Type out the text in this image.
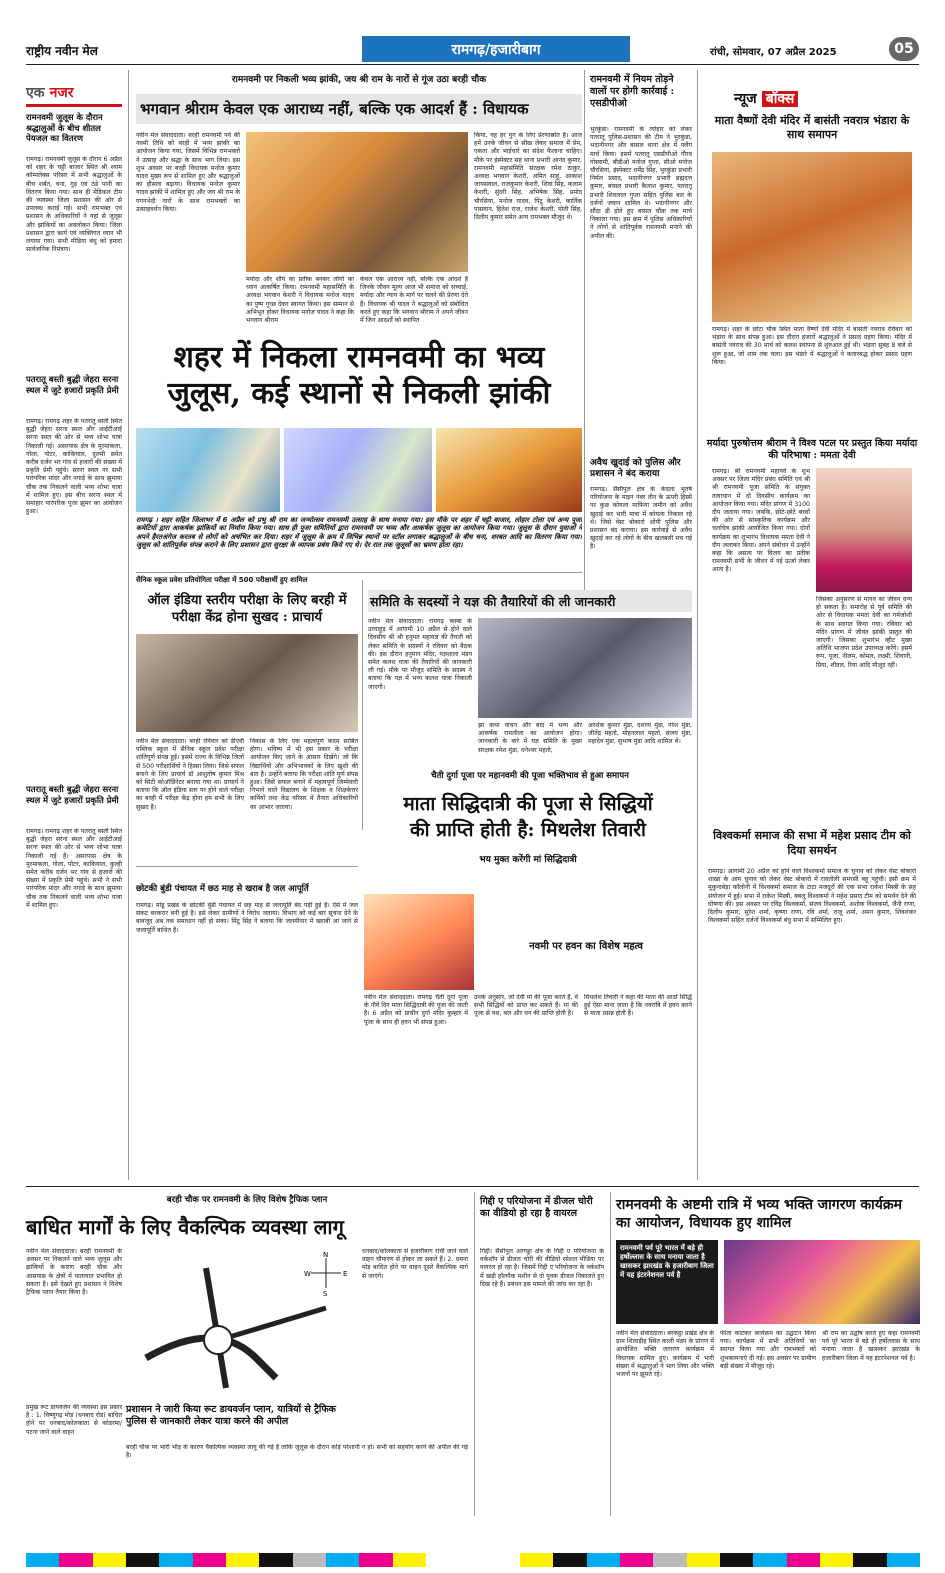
राष्ट्रीय नवीन मेल	रामगढ़/हजारीबाग	रांची, सोमवार, 07 अप्रैल 2025	05
एक नजर
रामनवमी जुलूस के दौरान श्रद्धालुओं के बीच शीतल पेयजल का वितरण
रामगढ़। रामनवमी जुलूस के दौरान 6 अप्रैल को शहर के चट्टी बाजार स्थित श्री श्याम कॉम्पलेक्स परिसर में सभी श्रद्धालुओं के बीच शर्बत, चना, गुड़ एवं ठंडे पानी का वितरण किया गया। साथ ही मेडिकल टीम की व्यवस्था जिला प्रशासन की ओर से उपलब्ध कराई गई। सभी रामभक्त एवं प्रशासन के अधिकारियों ने यहां से जुलूस और झांकियों का अवलोकन किया। जिला प्रशासन द्वारा कार्य एवं व्यक्तिगत ध्यान भी लगाया गया। सभी मीडिया बंधु को हमारा सार्वजनिक निमंत्रण।
पतरातू बस्ती बुद्धी जेहरा सरना स्थल में जुटे हजारों प्रकृति प्रेमी
रामगढ़। रामगढ़ शहर के पतरातू बस्ती स्थित बुद्धी जेहरा सरना स्थल और आईटीआई सरना स्थल की ओर से भव्य शोभा यात्रा निकाली गई। असरपास क्षेत्र के मुरमाकला, गोला, पोटर, काकियाल, दुलमी समेत करीब दर्जन भर गांव से हजारों की संख्या में प्रकृति प्रेमी पहुंचे। सरना स्थल पर सभी पारंपरिक मांदर और नगाड़े के साथ झुमाया चौक तक निकलने वाली भव्य शोभा यात्रा में शामिल हुए। इस बीच सरना स्थल में समाहार पारंपरिक पूजा झुमर का आयोजन हुआ।
पतरातू बस्ती बुद्धी जेहरा सरना स्थल में जुटे हजारों प्रकृति प्रेमी
रामगढ़। रामगढ़ शहर के पतरातू बस्ती स्थित बुद्धी जेहरा सरना स्थल और आईटीआई सरना स्थल की ओर से भव्य शोभा यात्रा निकाली गई है। असरपास क्षेत्र के मुरमाकला, गोला, पोटर, काकियाल, कुल्ही समेत करीब दर्जन भर गांव से हजारों की संख्या में प्रकृति प्रेमी पहुंचे। सभी ने सभी पारंपरिक मांदर और नगाड़े के साथ झुमाया चौक तक निकलने वाली भव्य शोभा यात्रा में शामिल हुए।
रामनवमी पर निकली भव्य झांकी, जय श्री राम के नारों से गूंज उठा बरही चौक
भगवान श्रीराम केवल एक आराध्य नहीं, बल्कि एक आदर्श हैं : विधायक
नवीन मेल संवाददाता। बरही रामनवमी पर्व की नवमी तिथि को बरही में भव्य झांकी का आयोजन किया गया, जिसमें विभिन्न रामभक्तों ने उत्साह और श्रद्धा के साथ भाग लिया। इस शुभ अवसर पर बरही विधायक मनोज कुमार यादव मुख्य रूप से शामिल हुए और श्रद्धालुओं का हौसला बढ़ाया। विधायक मनोज कुमार यादव झांकी में शामिल हुए और जय श्री राम के गगनभेदी नारों के साथ रामभक्तों का उत्साहवर्धन किया।
मर्यादा और शौर्य का प्रतीक बनकर लोगों का ध्यान आकर्षित किया। रामनवमी महासमिति के अध्यक्ष भगवान केशरी ने विधायक मनोज यादव का पुष्प गुच्छ देकर स्वागत किया। इस सम्मान से अभिभूत होकर विधायक मनोज यादव ने कहा कि भगवान श्रीराम
केवल एक आराध्य नहीं, बल्कि एक आदर्श हैं जिनके जीवन मूल्य आज भी समाज को सच्चाई, मर्यादा और न्याय के मार्ग पर चलने की प्रेरणा देते हैं। विधायक श्री यादव ने श्रद्धालुओं को संबोधित करते हुए कहा कि भगवान श्रीराम ने अपने जीवन में जिन आदर्शों को स्थापित
किया, वह हर युग के लिए प्रेरणास्रोत हैं। आज हमें उनके जीवन से सीख लेकर समाज में प्रेम, एकता और भाईचारे का संदेश फैलाना चाहिए। मौके पर इंस्पेक्टर सह थाना प्रभारी आनंद कुमार, रामनवमी महासमिति संरक्षक रमेश ठाकुर, अध्यक्ष भगवान केशरी, अमित साहू, आकाश जायसवाल, राजकुमार केशरी, शिवा सिंह, कलाम केशरी, सुंदरी सिंह, अभिषेक सिंह, प्रमोद चौरसिया, मनोज यादव, पिंटू केशरी, कार्तिक पासवान, हितेश राज, राजेश केशरी, मोती सिंह, दिलीप कुमार समेत अन्य रामभक्त मौजूद थे।
शहर में निकला रामनवमी का भव्य
जुलूस, कई स्थानों से निकली झांकी
रामगढ़ । शहर सहित जिलाभर में 6 अप्रैल को प्रभु श्री राम का जन्मोत्सव रामनवमी उत्साह के साथ मनाया गया। इस मौके पर शहर में चट्टी बाजार, लोहार टोला एवं अन्य पूजा कमेटियों द्वारा आकर्षक झांकियों का निर्माण किया गया। साथ ही पूजा समितियों द्वारा रामनवमी पर भव्य और आकर्षक जुलूस का आयोजन किया गया। जुलूस के दौरान युवाओं ने अपने हैरतअंगेज करतब से लोगों को अचंभित कर दिया। शहर में जुलूस के क्रम में विभिन्न स्थानों पर स्टॉल लगाकर श्रद्धालुओं के बीच चना, शरबत आदि का वितरण किया गया। जुलूस को शांतिपूर्वक संपन्न कराने के लिए प्रशासन द्वारा सुरक्षा के व्यापक प्रबंध किये गए थे। देर रात तक जुलूसों का भ्रमण होता रहा।
रामनवमी में नियम तोड़ने वालों पर होगी कार्रवाई : एसडीपीओ
भुरकुंडा। रामनवमी के त्योहार को लेकर पतरातू पुलिस-प्रशासन की टीम ने भुरकुंडा, भदानीनगर और बासल थाना क्षेत्र में फ्लैग मार्च किया। इसमें पतरातू एसडीपीओ गौरव गोस्वामी, बीडीओ मनोज गुप्ता, सीओ मनोज चौरसिया, इंस्पेक्टर धर्मेंद्र सिंह, भुरकुंडा प्रभारी निर्मल प्रसाद, भदानीनगर प्रभारी ब्रह्मदत्त कुमार, बासल प्रभारी कैलाश कुमार, पतरातू प्रभारी शिवलाल गुप्ता सहित पुलिस बल के दर्जनों जवान शामिल थे। भदानीनगर और सौंदा डी होते हुए बासल चौक तक मार्च निकाला गया। इस क्रम में पुलिस अधिकारियों ने लोगों से शांतिपूर्वक रामनवमी मनाने की अपील की।
अवैध खुदाई को पुलिस और प्रशासन ने बंद कराया
रामगढ़। सैंसीपुल क्षेत्र के केदला भूतर्ष परियोजना के माइन नंबर तीन के ऊपरी हिस्से पर कुछ कोयला माफिया जमीन को अवैध खुदाई कर भारी मात्रा में कोयला निकाल रहे थे। जिसे वेस्ट बोकारो ओपी पुलिस और प्रशासन बंद कराया। इस कार्रवाई से अवैध खुदाई कर रहे लोगों के बीच खलबली मच गई है।
न्यूज बॉक्स
माता वैष्णों देवी मंदिर में बासंती नवरात्र भंडारा के साथ समापन
रामगढ़। शहर के छोटा चौक स्थित माता वैष्णों देवी मंदिर में बासंती नवरात्र रविवार को भंडारा के साथ संपन्न हुआ। इस दौरान हजारों श्रद्धालुओं ने प्रसाद ग्रहण किया। मंदिर में बासंती नवरात्र की 30 मार्च को कलश स्थापना से शुरुआत हुई थी। भंडारा सुबह 8 बजे से शुरू हुआ, जो शाम तक चला। इस भंडारे में श्रद्धालुओं ने कतारबद्ध होकर प्रसाद ग्रहण किया।
मर्यादा पुरुषोत्तम श्रीराम ने विश्व पटल पर प्रस्तुत किया मर्यादा की परिभाषा : ममता देवी
रामगढ़। श्री रामनवमी महापर्व के शुभ अवसर पर जिला मंदिर प्रबंध समिति एवं श्री श्री रामनवमी पूजा समिति के संयुक्त तत्वाधान में दो दिवसीय कार्यक्रम का आयोजन किया गया। मंदिर प्रांगण में 3100 दीप जलाया गया। जबकि, छोटे-छोटे बच्चों की ओर से सांस्कृतिक कार्यक्रम और चलचित्र झांकी आयोजित किया गया। दोनों कार्यक्रम का शुभारंभ विधायक ममता देवी ने दीप जलाकर किया। अपने संबोधन में उन्होंने कहा कि असत्य पर विजय का प्रतीक रामनवमी सभी के जीवन में नई ऊर्जा लेकर आता है।
जिसका अनुसरण से मानव का जीवन धन्य हो सकता है। समारोह से पूर्व समिति की ओर से विधायक ममता देवी का गर्मजोशी के साथ स्वागत किया गया। रविवार को मंदिर प्रांगण में जीवंत झांकी प्रस्तुत की जाएगी। जिसका शुभारंभ व्हीट मुख्य अतिथि भाजपा प्रदेश उपाध्यक्ष करेंगे। इसमें रूप, पूजा, नीलम, कोमल, लक्ष्मी, शिवानी, प्रिया, शीतल, रिया आदि मौजूद रहीं।
सैनिक स्कूल प्रवेश प्रतियोगिता परीक्षा में 500 परीक्षार्थी हुए शामिल
ऑल इंडिया स्तरीय परीक्षा के लिए बरही में परीक्षा केंद्र होना सुखद : प्राचार्य
नवीन मेल संवाददाता। बरही रविवार को डीएवी पब्लिक स्कूल में सैनिक स्कूल प्रवेश परीक्षा शांतिपूर्ण संपन्न हुई। इसमें राज्य के विभिन्न जिलों से 500 परीक्षार्थियों ने हिस्सा लिया। जिसे सफल बनाने के लिए प्राचार्य डॉ आशुतोष कुमार मिश्र को सिटी कोऑर्डिनेटर बनाया गया था। प्राचार्य ने बताया कि ऑल इंडिया स्तर पर होने वाले परीक्षा का बरही में परीक्षा केंद्र होना हम सभी के लिए सुखद है।
विकास के लिए एक महत्वपूर्ण कदम साबित होगा। भविष्य में भी इस प्रकार के परीक्षा आयोजन किए जाने के आसार दिखेंगे। जो कि विद्यार्थियों और अभिभावकों के लिए खुशी की बात है। उन्होंने बताया कि परीक्षा शांति पूर्ण संपन्न हुआ। जिसे सफल बनाने में महत्वपूर्ण जिम्मेवारी निभाने वाले विद्यालय के शिक्षक व शिक्षकेत्तर कर्मियों तथा केंद्र परिसर में तैनात अधिकारियों का आभार जताया।
समिति के सदस्यों ने यज्ञ की तैयारियों की ली जानकारी
नवीन मेल संवाददाता। रामगढ़ कस्बा के उरवाहुड़ में आगामी 10 अप्रैल से होने वाले दिवसीय श्री श्री हनुमत महायज्ञ की तैयारी को लेकर समिति के सदस्यों ने रविवार को बैठक की। इस दौरान हनुमान मंदिर, यज्ञशाला मंडप समेत कलश यात्रा की तैयारियों की जानकारी ली गई। मौके पर मौजूद समिति के सदस्य ने बताया कि यज्ञ में भव्य कलश यात्रा निकाली जाएगी।
झा कथा वाचन और बाद में भव्य और आकर्षक रामलीला का आयोजन होगा। जानकारी के बारे में यज्ञ समिति के मुख्य संरक्षक रमेश मुंडा, धनेश्वर महतो,
अरशेक कुमार मुंडा, दशरथ मुंडा, नरेश मुंडा, जीतेंद्र महतो, मोहनलाल महतो, संजय मुंडा, महादेव मुंडा, सुभाष मुंडा आदि शामिल थे।
चैती दुर्गा पूजा पर महानवमी की पूजा भक्तिभाव से हुआ समापन
विश्वकर्मा समाज की सभा में महेश प्रसाद टीम को दिया समर्थन
रामगढ़। आगामी 20 अप्रैल को होने वाले विश्वकर्मा समाज के चुनाव को लेकर वेस्ट बोकारो शाखा के आम चुनाव को लेकर वेस्ट बोकारो में रावतोली समरसी बहू पहुंची। इसी क्रम में मुकुन्दबेड़ा कॉलोनी में विश्वकर्मा समाज के टाटा मजदूरों की एक सभा राकेश मिस्त्री के सह संयोजन में हुई। सभा में राकेश मिस्त्री, बबलू विश्वकर्मा ने महेश प्रसाद टीम को समर्थन देने की घोषणा की। इस अवसर पर रविंद्र विश्वकर्मा, संजय विश्वकर्मा, अशोक विश्वकर्मा, जैनी राणा, दिलीप कुमार, सुरेश शर्मा, कृष्णा राणा, रवि शर्मा, राजू शर्मा, अमन कुमार, शिवशंकर विश्वकर्मा सहित दर्जनों विश्वकर्मा बंधु सभा में सम्मिलित हुए।
माता सिद्धिदात्री की पूजा से सिद्धियों
की प्राप्ति होती है: मिथलेश तिवारी
भय मुक्त करेंगी मां सिद्धिदात्री
नवमी पर हवन का विशेष महत्व
नवीन मेल संवाददाता। रामगढ़ चैती दुर्गा पूजा के नौवें दिन माता सिद्धिदात्री की पूजा की जाती है। 6 अप्रैल को प्राचीन दुर्गा मंदिर कुम्हार में पूजा के साथ ही हवन भी संपन्न हुआ।
उनके अनुसार, जो देवी मां की पूजा करते हैं, वे सभी सिद्धियों को प्राप्त कर सकते हैं। मां की पूजा से यश, बल और धन की प्राप्ति होती है।
मिथलेश तिवारी ने कहा की माता की आठों सिद्धि हुई ऐसा माना जाता है कि नवरात्रि में हवन करने से माता प्रसन्न होती हैं।
छोटकी बुंडी पंचायत में छठ माह से खराब है जल आपूर्ति
रामगढ़। मांडू प्रखंड के छोटकी बुंडी पंचायत में छह माह से जलापूर्ति बंद पड़ी हुई है। ऐसे में जल संकट बरकरार बनी हुई है। इसे लेकर ग्रामीणों ने विरोध जताया। विभाग को कई बार सूचना देने के बावजूद अब तक समाधान नहीं हो सका। मिंटू सिंह ने बताया कि जलमीनार में खराबी आ जाने से जलापूर्ति बाधित है।
बरही चौक पर रामनवमी के लिए विशेष ट्रैफिक प्लान
बाधित मार्गों के लिए वैकल्पिक व्यवस्था लागू
नवीन मेल संवाददाता। बरही रामनवमी के अवसर पर निकलने वाले भव्य जुलूस और झांकियों के कारण बरही चौक और आसपास के क्षेत्रों में यातायात प्रभावित हो सकता है। इसे देखते हुए प्रशासन ने विशेष ट्रैफिक प्लान तैयार किया है।
N
W	E
S
धनबाद/कोलकाता से हजारीबाग रांची जाने वाले वाहन चौपारण से होकर जा सकते हैं। 2. धमना मोड़ बाधित होने पर वाहन दूसरे वैकल्पिक मार्ग से जाएंगे।
प्रमुख रूट डायवर्जन की व्यवस्था इस प्रकार है : 1. विष्णुगढ़ मोड़ (धनबाद रोड) बाधित होने पर धनबाद/कोलकाता से कोडरमा/पटना जाने वाले वाहन
प्रशासन ने जारी किया रूट डायवर्जन प्लान, यात्रियों से ट्रैफिक पुलिस से जानकारी लेकर यात्रा करने की अपील
बरही चौक पर भारी भीड़ के कारण वैकल्पिक व्यवस्था लागू की गई है ताकि जुलूस के दौरान कोई परेशानी न हो। सभी को सहयोग करने की अपील की गई है।
गिद्दी ए परियोजना में डीजल चोरी का वीडियो हो रहा है वायरल
गिद्दी। सैंसीपुल अरगड्डा क्षेत्र के गिद्दी ए परियोजना के वर्कशॉप से डीजल चोरी की वीडियो सोशल मीडिया पर वायरल हो रहा है। जिसमें गिद्दी ए परियोजना के वर्कशॉप में खड़ी हॉलपैक मशीन से दो युवक डीजल निकालते हुए दिख रहे हैं। प्रबंधन इस मामले की जांच कर रहा है।
रामनवमी के अष्टमी रात्रि में भव्य भक्ति जागरण कार्यक्रम का आयोजन, विधायक हुए शामिल
रामनवमी पर्व पूरे भारत में बड़े ही हर्षोल्लास के साथ मनाया जाता है खासकर झारखंड के हजारीबाग जिला में यह इंटरनेशनल पर्व है
नवीन मेल संवाददाता। बरकट्ठा प्रखंड क्षेत्र के ग्राम शिलाड़ीह स्थित काली मंडप के प्रांगण में आयोजित भक्ति जागरण कार्यक्रम में विधायक शामिल हुए। कार्यक्रम में भारी संख्या में श्रद्धालुओं ने भाग लिया और भक्ति भजनों पर झूमते रहे।
फीता काटकर कार्यक्रम का उद्घाटन किया गया। कार्यक्रम में सभी अतिथियों का स्वागत किया गया और रामभक्तों को शुभकामनाएं दी गईं। इस अवसर पर ग्रामीण बड़ी संख्या में मौजूद रहे।
श्री राम का उद्घोष करते हुए कहा रामनवमी पर्व पूरे भारत में बड़े ही हर्षोल्लास के साथ मनाया जाता है खासकर झारखंड के हजारीबाग जिला में यह इंटरनेशनल पर्व है।
